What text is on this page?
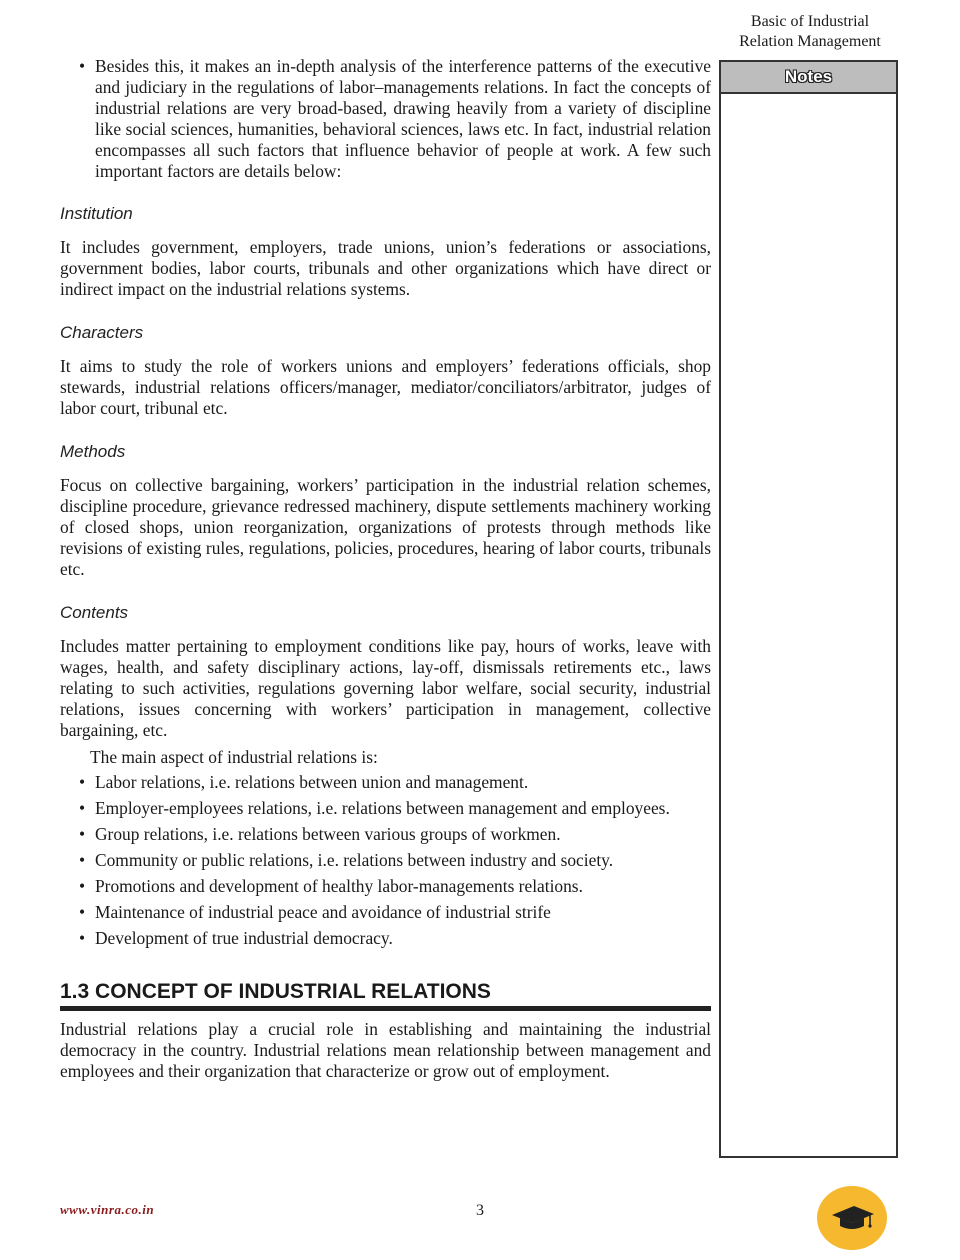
Basic of Industrial
Relation Management
Notes
• Besides this, it makes an in-depth analysis of the interference patterns of the executive and judiciary in the regulations of labor–managements relations. In fact the concepts of industrial relations are very broad-based, drawing heavily from a variety of discipline like social sciences, humanities, behavioral sciences, laws etc. In fact, industrial relation encompasses all such factors that influence behavior of people at work. A few such important factors are details below:

Institution

It includes government, employers, trade unions, union’s federations or associations, government bodies, labor courts, tribunals and other organizations which have direct or indirect impact on the industrial relations systems.

Characters

It aims to study the role of workers unions and employers’ federations officials, shop stewards, industrial relations officers/manager, mediator/conciliators/arbitrator, judges of labor court, tribunal etc.

Methods

Focus on collective bargaining, workers’ participation in the industrial relation schemes, discipline procedure, grievance redressed machinery, dispute settlements machinery working of closed shops, union reorganization, organizations of protests through methods like revisions of existing rules, regulations, policies, procedures, hearing of labor courts, tribunals etc.

Contents

Includes matter pertaining to employment conditions like pay, hours of works, leave with wages, health, and safety disciplinary actions, lay-off, dismissals retirements etc., laws relating to such activities, regulations governing labor welfare, social security, industrial relations, issues concerning with workers’ participation in management, collective bargaining, etc.

The main aspect of industrial relations is:

• Labor relations, i.e. relations between union and management.
• Employer-employees relations, i.e. relations between management and employees.
• Group relations, i.e. relations between various groups of workmen.
• Community or public relations, i.e. relations between industry and society.
• Promotions and development of healthy labor-managements relations.
• Maintenance of industrial peace and avoidance of industrial strife
• Development of true industrial democracy.
1.3 CONCEPT OF INDUSTRIAL RELATIONS

Industrial relations play a crucial role in establishing and maintaining the industrial democracy in the country. Industrial relations mean relationship between management and employees and their organization that characterize or grow out of employment.

www.vinra.co.in	3
